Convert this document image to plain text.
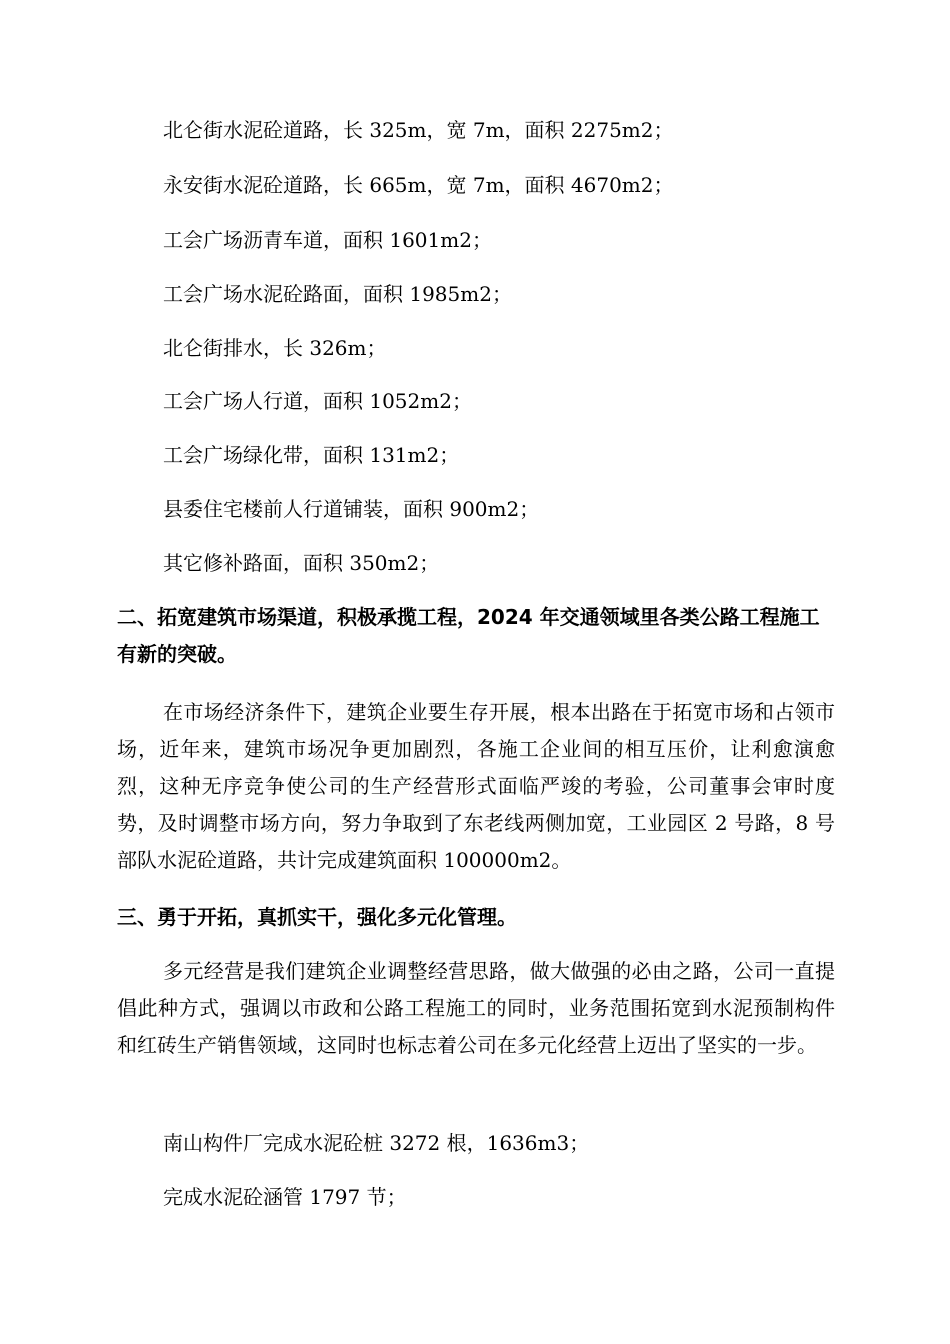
北仑街水泥砼道路，长 325m，宽 7m，面积 2275m2；
永安街水泥砼道路，长 665m，宽 7m，面积 4670m2；
工会广场沥青车道，面积 1601m2；
工会广场水泥砼路面，面积 1985m2；
北仑街排水，长 326m；
工会广场人行道，面积 1052m2；
工会广场绿化带，面积 131m2；
县委住宅楼前人行道铺装，面积 900m2；
其它修补路面，面积 350m2；
二、拓宽建筑市场渠道，积极承揽工程，2024 年交通领域里各类公路工程施工有新的突破。
在市场经济条件下，建筑企业要生存开展，根本出路在于拓宽市场和占领市场，近年来，建筑市场况争更加剧烈，各施工企业间的相互压价，让利愈演愈烈，这种无序竞争使公司的生产经营形式面临严竣的考验，公司董事会审时度势，及时调整市场方向，努力争取到了东老线两侧加宽，工业园区 2 号路，8 号部队水泥砼道路，共计完成建筑面积 100000m2。
三、勇于开拓，真抓实干，强化多元化管理。
多元经营是我们建筑企业调整经营思路，做大做强的必由之路，公司一直提倡此种方式，强调以市政和公路工程施工的同时，业务范围拓宽到水泥预制构件和红砖生产销售领域，这同时也标志着公司在多元化经营上迈出了坚实的一步。
南山构件厂完成水泥砼桩 3272 根，1636m3；
完成水泥砼涵管 1797 节；
